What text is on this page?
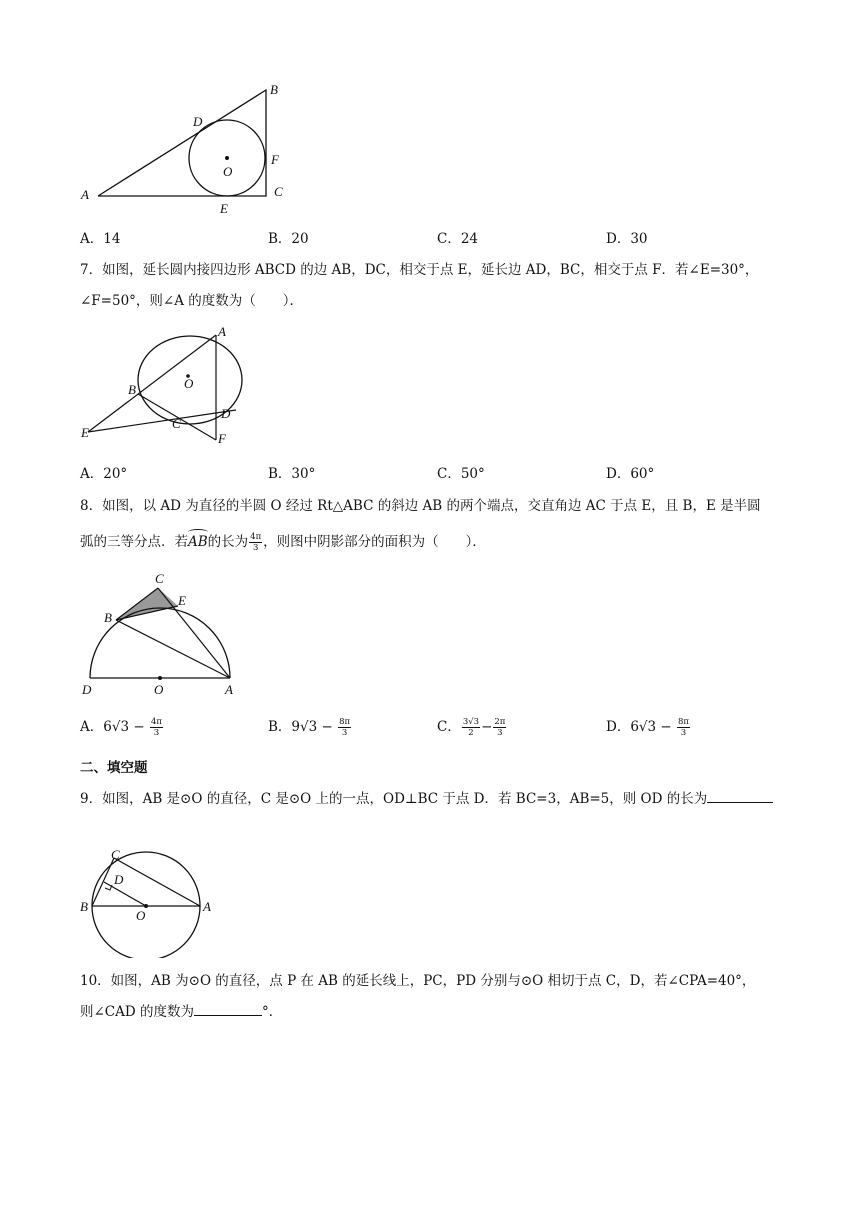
A
B
C
D
E
F
O
A．14	B．20	C．24	D．30
7．如图，延长圆内接四边形 ABCD 的边 AB，DC，相交于点 E，延长边 AD，BC，相交于点 F．若∠E=30°，
∠F=50°，则∠A 的度数为（　　）．
A
B
C
D
E	F
O
A．20°	B．30°	C．50°	D．60°
8．如图，以 AD 为直径的半圆 O 经过 Rt△ABC 的斜边 AB 的两个端点，交直角边 AC 于点 E，且 B，E 是半圆
弧的三等分点．若AB
的长为 $\frac{4\pi}{3}$ ，则图中阴影部分的面积为（　　）．
A
B
C
D
E
O
A．$6√3 - \frac{4\pi}{3}$	B．$9√3 - \frac{8\pi}{3}$	C． $\frac{3√3}{2} - \frac{2\pi}{3}$	D．$6√3 - \frac{8\pi}{3}$
二、填空题
9．如图，AB 是⊙O 的直径，C 是⊙O 上的一点，OD⊥BC 于点 D．若 BC=3，AB=5，则 OD 的长为
A
B
C
D
O
10．如图，AB 为⊙O 的直径，点 P 在 AB 的延长线上，PC，PD 分别与⊙O 相切于点 C，D，若∠CPA=40°，
则∠CAD 的度数为	°．
